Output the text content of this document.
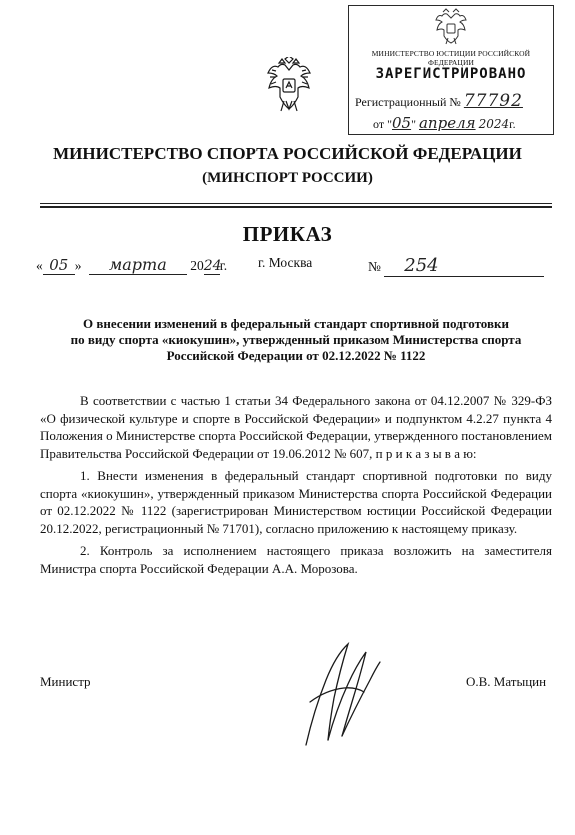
МИНИСТЕРСТВО ЮСТИЦИИ РОССИЙСКОЙ ФЕДЕРАЦИИ
ЗАРЕГИСТРИРОВАНО
Регистрационный № 77792
от "05" апреля 2024г.
МИНИСТЕРСТВО СПОРТА РОССИЙСКОЙ ФЕДЕРАЦИИ
(МИНСПОРТ РОССИИ)
ПРИКАЗ
« 05 » марта 2024г. г. Москва	№ 254
О внесении изменений в федеральный стандарт спортивной подготовки
по виду спорта «киокушин», утвержденный приказом Министерства спорта
Российской Федерации от 02.12.2022 № 1122

В соответствии с частью 1 статьи 34 Федерального закона от 04.12.2007 № 329-ФЗ «О физической культуре и спорте в Российской Федерации» и подпунктом 4.2.27 пункта 4 Положения о Министерстве спорта Российской Федерации, утвержденного постановлением Правительства Российской Федерации от 19.06.2012 № 607, п р и к а з ы в а ю:

1. Внести изменения в федеральный стандарт спортивной подготовки по виду спорта «киокушин», утвержденный приказом Министерства спорта Российской Федерации от 02.12.2022 № 1122 (зарегистрирован Министерством юстиции Российской Федерации 20.12.2022, регистрационный № 71701), согласно приложению к настоящему приказу.

2. Контроль за исполнением настоящего приказа возложить на заместителя Министра спорта Российской Федерации А.А. Морозова.

Министр	О.В. Матыцин
